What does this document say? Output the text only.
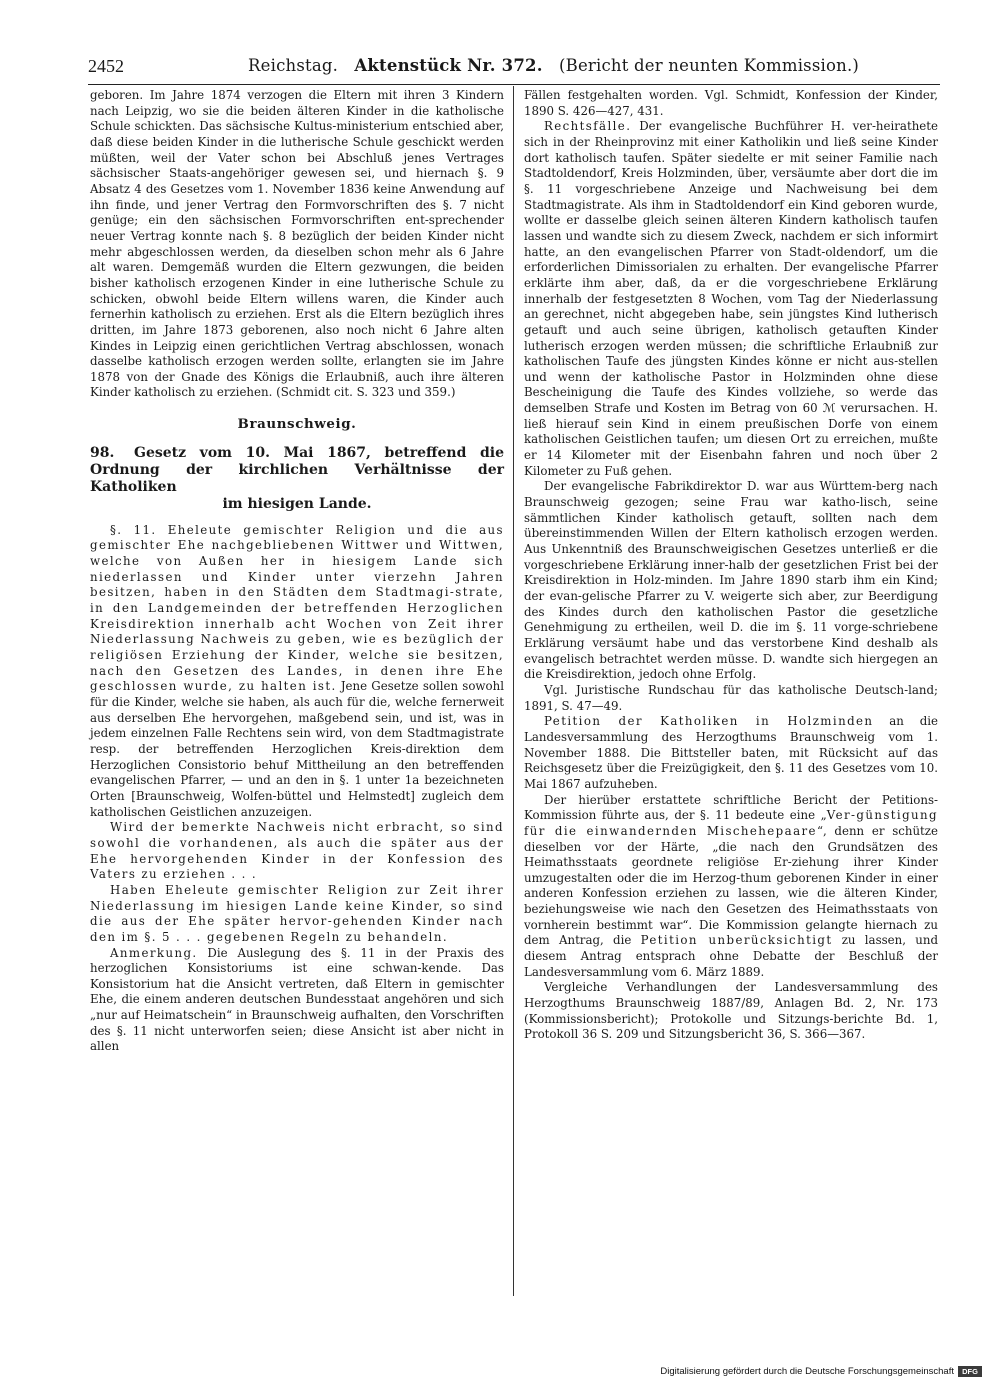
2452	Reichstag. Aktenstück Nr. 372. (Bericht der neunten Kommission.)

geboren. Im Jahre 1874 verzogen die Eltern mit ihren 3 Kindern nach Leipzig, wo sie die beiden älteren Kinder in die katholische Schule schickten. Das sächsische Kultus-ministerium entschied aber, daß diese beiden Kinder in die lutherische Schule geschickt werden müßten, weil der Vater schon bei Abschluß jenes Vertrages sächsischer Staats-angehöriger gewesen sei, und hiernach §. 9 Absatz 4 des Gesetzes vom 1. November 1836 keine Anwendung auf ihn finde, und jener Vertrag den Formvorschriften des §. 7 nicht genüge; ein den sächsischen Formvorschriften ent-sprechender neuer Vertrag konnte nach §. 8 bezüglich der beiden Kinder nicht mehr abgeschlossen werden, da dieselben schon mehr als 6 Jahre alt waren. Demgemäß wurden die Eltern gezwungen, die beiden bisher katholisch erzogenen Kinder in eine lutherische Schule zu schicken, obwohl beide Eltern willens waren, die Kinder auch fernerhin katholisch zu erziehen. Erst als die Eltern bezüglich ihres dritten, im Jahre 1873 geborenen, also noch nicht 6 Jahre alten Kindes in Leipzig einen gerichtlichen Vertrag abschlossen, wonach dasselbe katholisch erzogen werden sollte, erlangten sie im Jahre 1878 von der Gnade des Königs die Erlaubniß, auch ihre älteren Kinder katholisch zu erziehen. (Schmidt cit. S. 323 und 359.)

Braunschweig.
98. Gesetz vom 10. Mai 1867, betreffend die Ordnung der kirchlichen Verhältnisse der Katholiken
im hiesigen Lande.

§. 11. Eheleute gemischter Religion und die aus gemischter Ehe nachgebliebenen Wittwer und Wittwen, welche von Außen her in hiesigem Lande sich niederlassen und Kinder unter vierzehn Jahren besitzen, haben in den Städten dem Stadtmagi-strate, in den Landgemeinden der betreffenden Herzoglichen Kreisdirektion innerhalb acht Wochen von Zeit ihrer Niederlassung Nachweis zu geben, wie es bezüglich der religiösen Erziehung der Kinder, welche sie besitzen, nach den Gesetzen des Landes, in denen ihre Ehe geschlossen wurde, zu halten ist. Jene Gesetze sollen sowohl für die Kinder, welche sie haben, als auch für die, welche fernerweit aus derselben Ehe hervorgehen, maßgebend sein, und ist, was in jedem einzelnen Falle Rechtens sein wird, von dem Stadtmagistrate resp. der betreffenden Herzoglichen Kreis-direktion dem Herzoglichen Consistorio behuf Mittheilung an den betreffenden evangelischen Pfarrer, — und an den in §. 1 unter 1a bezeichneten Orten [Braunschweig, Wolfen-büttel und Helmstedt] zugleich dem katholischen Geistlichen anzuzeigen.

Wird der bemerkte Nachweis nicht erbracht, so sind sowohl die vorhandenen, als auch die später aus der Ehe hervorgehenden Kinder in der Konfession des Vaters zu erziehen . . .

Haben Eheleute gemischter Religion zur Zeit ihrer Niederlassung im hiesigen Lande keine Kinder, so sind die aus der Ehe später hervor-gehenden Kinder nach den im §. 5 . . . gegebenen Regeln zu behandeln.

Anmerkung. Die Auslegung des §. 11 in der Praxis des herzoglichen Konsistoriums ist eine schwan-kende. Das Konsistorium hat die Ansicht vertreten, daß Eltern in gemischter Ehe, die einem anderen deutschen Bundesstaat angehören und sich „nur auf Heimatschein“ in Braunschweig aufhalten, den Vorschriften des §. 11 nicht unterworfen seien; diese Ansicht ist aber nicht in allen

Fällen festgehalten worden. Vgl. Schmidt, Konfession der Kinder, 1890 S. 426—427, 431.

Rechtsfälle. Der evangelische Buchführer H. ver-heirathete sich in der Rheinprovinz mit einer Katholikin und ließ seine Kinder dort katholisch taufen. Später siedelte er mit seiner Familie nach Stadtoldendorf, Kreis Holzminden, über, versäumte aber dort die im §. 11 vorgeschriebene Anzeige und Nachweisung bei dem Stadtmagistrate. Als ihm in Stadtoldendorf ein Kind geboren wurde, wollte er dasselbe gleich seinen älteren Kindern katholisch taufen lassen und wandte sich zu diesem Zweck, nachdem er sich informirt hatte, an den evangelischen Pfarrer von Stadt-oldendorf, um die erforderlichen Dimissorialen zu erhalten. Der evangelische Pfarrer erklärte ihm aber, daß, da er die vorgeschriebene Erklärung innerhalb der festgesetzten 8 Wochen, vom Tag der Niederlassung an gerechnet, nicht abgegeben habe, sein jüngstes Kind lutherisch getauft und auch seine übrigen, katholisch getauften Kinder lutherisch erzogen werden müssen; die schriftliche Erlaubniß zur katholischen Taufe des jüngsten Kindes könne er nicht aus-stellen und wenn der katholische Pastor in Holzminden ohne diese Bescheinigung die Taufe des Kindes vollziehe, so werde das demselben Strafe und Kosten im Betrag von 60 ℳ verursachen. H. ließ hierauf sein Kind in einem preußischen Dorfe von einem katholischen Geistlichen taufen; um diesen Ort zu erreichen, mußte er 14 Kilometer mit der Eisenbahn fahren und noch über 2 Kilometer zu Fuß gehen.

Der evangelische Fabrikdirektor D. war aus Württem-berg nach Braunschweig gezogen; seine Frau war katho-lisch, seine sämmtlichen Kinder katholisch getauft, sollten nach dem übereinstimmenden Willen der Eltern katholisch erzogen werden. Aus Unkenntniß des Braunschweigischen Gesetzes unterließ er die vorgeschriebene Erklärung inner-halb der gesetzlichen Frist bei der Kreisdirektion in Holz-minden. Im Jahre 1890 starb ihm ein Kind; der evan-gelische Pfarrer zu V. weigerte sich aber, zur Beerdigung des Kindes durch den katholischen Pastor die gesetzliche Genehmigung zu ertheilen, weil D. die im §. 11 vorge-schriebene Erklärung versäumt habe und das verstorbene Kind deshalb als evangelisch betrachtet werden müsse. D. wandte sich hiergegen an die Kreisdirektion, jedoch ohne Erfolg.

Vgl. Juristische Rundschau für das katholische Deutsch-land; 1891, S. 47—49.

Petition der Katholiken in Holzminden an die Landesversammlung des Herzogthums Braunschweig vom 1. November 1888. Die Bittsteller baten, mit Rücksicht auf das Reichsgesetz über die Freizügigkeit, den §. 11 des Gesetzes vom 10. Mai 1867 aufzuheben.

Der hierüber erstattete schriftliche Bericht der Petitions-Kommission führte aus, der §. 11 bedeute eine „Ver-günstigung für die einwandernden Mischehepaare“, denn er schütze dieselben vor der Härte, „die nach den Grundsätzen des Heimathsstaats geordnete religiöse Er-ziehung ihrer Kinder umzugestalten oder die im Herzog-thum geborenen Kinder in einer anderen Konfession erziehen zu lassen, wie die älteren Kinder, beziehungsweise wie nach den Gesetzen des Heimathsstaats von vornherein bestimmt war“. Die Kommission gelangte hiernach zu dem Antrag, die Petition unberücksichtigt zu lassen, und diesem Antrag entsprach ohne Debatte der Beschluß der Landesversammlung vom 6. März 1889.

Vergleiche Verhandlungen der Landesversammlung des Herzogthums Braunschweig 1887/89, Anlagen Bd. 2, Nr. 173 (Kommissionsbericht); Protokolle und Sitzungs-berichte Bd. 1, Protokoll 36 S. 209 und Sitzungsbericht 36, S. 366—367.

Digitalisierung gefördert durch die Deutsche Forschungsgemeinschaft	DFG
